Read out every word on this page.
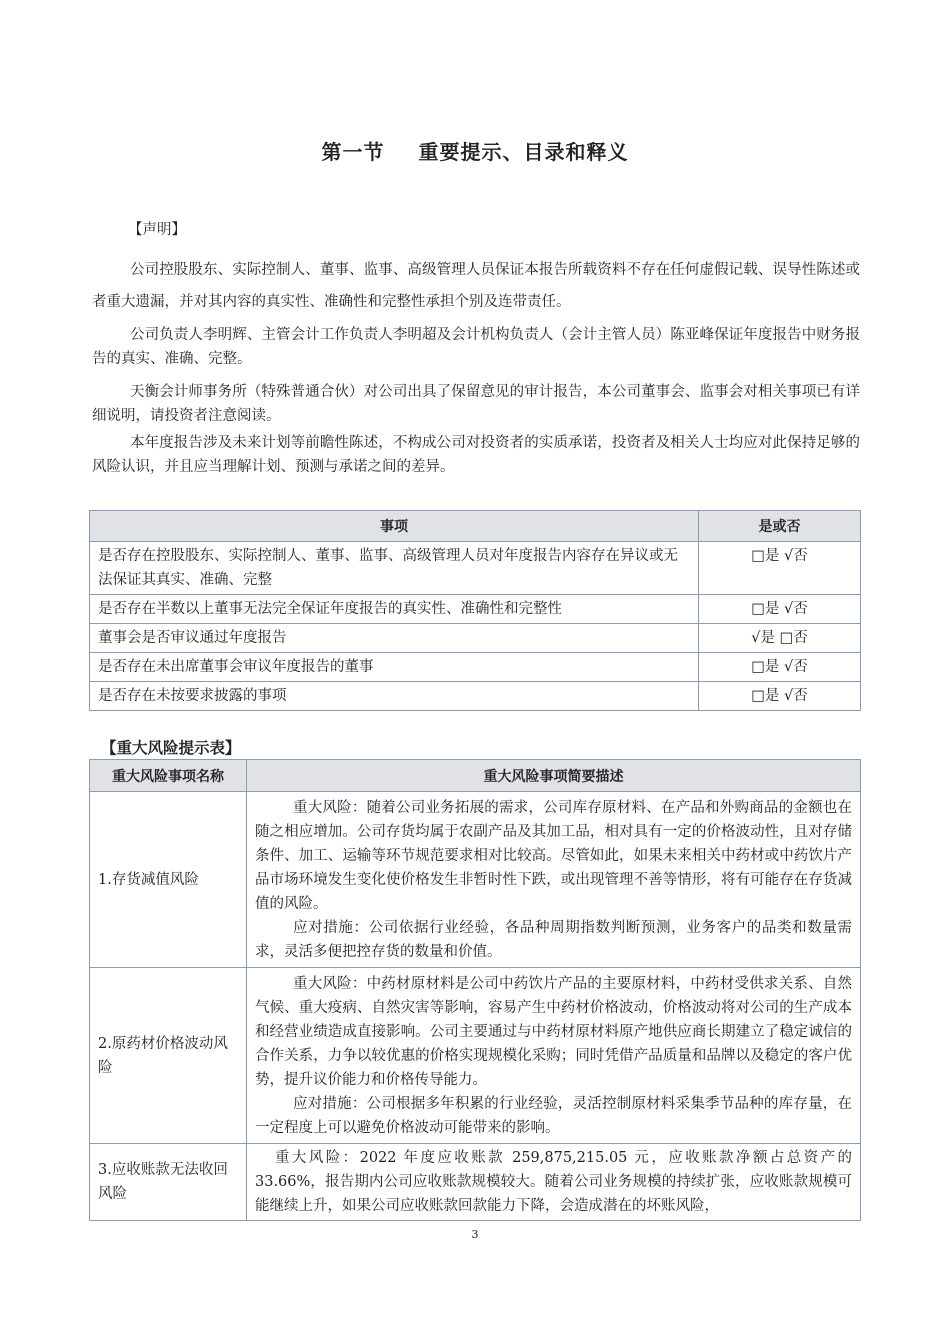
第一节 重要提示、目录和释义
【声明】
公司控股股东、实际控制人、董事、监事、高级管理人员保证本报告所载资料不存在任何虚假记载、误导性陈述或者重大遗漏，并对其内容的真实性、准确性和完整性承担个别及连带责任。
公司负责人李明辉、主管会计工作负责人李明超及会计机构负责人（会计主管人员）陈亚峰保证年度报告中财务报告的真实、准确、完整。
天衡会计师事务所（特殊普通合伙）对公司出具了保留意见的审计报告，本公司董事会、监事会对相关事项已有详细说明，请投资者注意阅读。
本年度报告涉及未来计划等前瞻性陈述，不构成公司对投资者的实质承诺，投资者及相关人士均应对此保持足够的风险认识，并且应当理解计划、预测与承诺之间的差异。
事项	是或否
是否存在控股股东、实际控制人、董事、监事、高级管理人员对年度报告内容存在异议或无法保证其真实、准确、完整	□是 √否
是否存在半数以上董事无法完全保证年度报告的真实性、准确性和完整性	□是 √否
董事会是否审议通过年度报告	√是 □否
是否存在未出席董事会审议年度报告的董事	□是 √否
是否存在未按要求披露的事项	□是 √否
【重大风险提示表】
重大风险事项名称	重大风险事项简要描述
1.存货减值风险	重大风险：随着公司业务拓展的需求，公司库存原材料、在产品和外购商品的金额也在随之相应增加。公司存货均属于农副产品及其加工品，相对具有一定的价格波动性，且对存储条件、加工、运输等环节规范要求相对比较高。尽管如此，如果未来相关中药材或中药饮片产品市场环境发生变化使价格发生非暂时性下跌，或出现管理不善等情形，将有可能存在存货减值的风险。

应对措施：公司依据行业经验，各品种周期指数判断预测，业务客户的品类和数量需求，灵活多便把控存货的数量和价值。

2.原药材价格波动风险	重大风险：中药材原材料是公司中药饮片产品的主要原材料，中药材受供求关系、自然气候、重大疫病、自然灾害等影响，容易产生中药材价格波动，价格波动将对公司的生产成本和经营业绩造成直接影响。公司主要通过与中药材原材料原产地供应商长期建立了稳定诚信的合作关系，力争以较优惠的价格实现规模化采购；同时凭借产品质量和品牌以及稳定的客户优势，提升议价能力和价格传导能力。

应对措施：公司根据多年积累的行业经验，灵活控制原材料采集季节品种的库存量，在一定程度上可以避免价格波动可能带来的影响。

3.应收账款无法收回风险	重大风险：2022 年度应收账款 259,875,215.05 元，应收账款净额占总资产的33.66%，报告期内公司应收账款规模较大。随着公司业务规模的持续扩张，应收账款规模可能继续上升，如果公司应收账款回款能力下降，会造成潜在的坏账风险，

3
